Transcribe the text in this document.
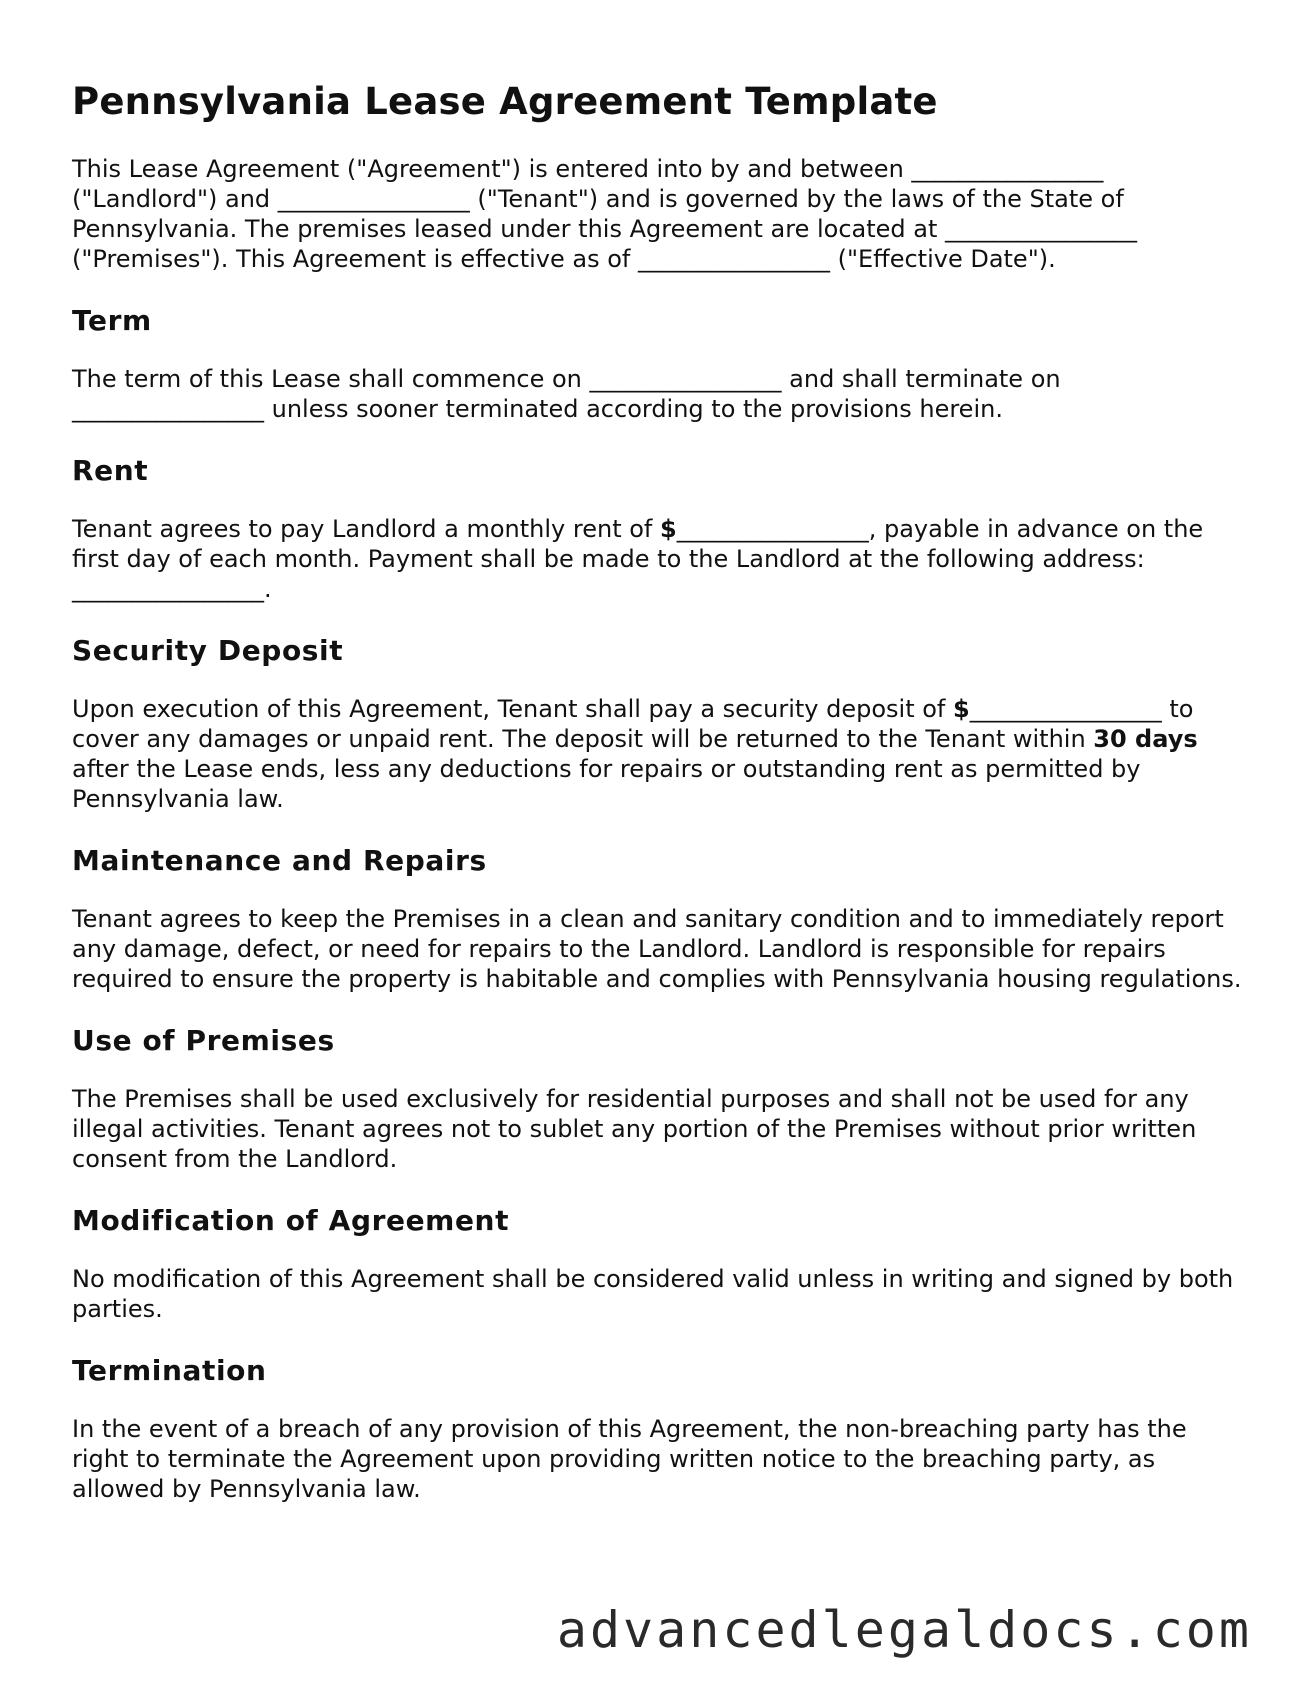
Pennsylvania Lease Agreement Template

This Lease Agreement ("Agreement") is entered into by and between ________________ ("Landlord") and ________________ ("Tenant") and is governed by the laws of the State of Pennsylvania. The premises leased under this Agreement are located at ________________ ("Premises"). This Agreement is effective as of ________________ ("Effective Date").

Term

The term of this Lease shall commence on ________________ and shall terminate on ________________ unless sooner terminated according to the provisions herein.

Rent

Tenant agrees to pay Landlord a monthly rent of $________________, payable in advance on the first day of each month. Payment shall be made to the Landlord at the following address: ________________.

Security Deposit

Upon execution of this Agreement, Tenant shall pay a security deposit of $________________ to cover any damages or unpaid rent. The deposit will be returned to the Tenant within 30 days after the Lease ends, less any deductions for repairs or outstanding rent as permitted by Pennsylvania law.

Maintenance and Repairs

Tenant agrees to keep the Premises in a clean and sanitary condition and to immediately report any damage, defect, or need for repairs to the Landlord. Landlord is responsible for repairs required to ensure the property is habitable and complies with Pennsylvania housing regulations.

Use of Premises

The Premises shall be used exclusively for residential purposes and shall not be used for any illegal activities. Tenant agrees not to sublet any portion of the Premises without prior written consent from the Landlord.

Modification of Agreement

No modification of this Agreement shall be considered valid unless in writing and signed by both parties.

Termination

In the event of a breach of any provision of this Agreement, the non-breaching party has the right to terminate the Agreement upon providing written notice to the breaching party, as allowed by Pennsylvania law.

advancedlegaldocs.com
